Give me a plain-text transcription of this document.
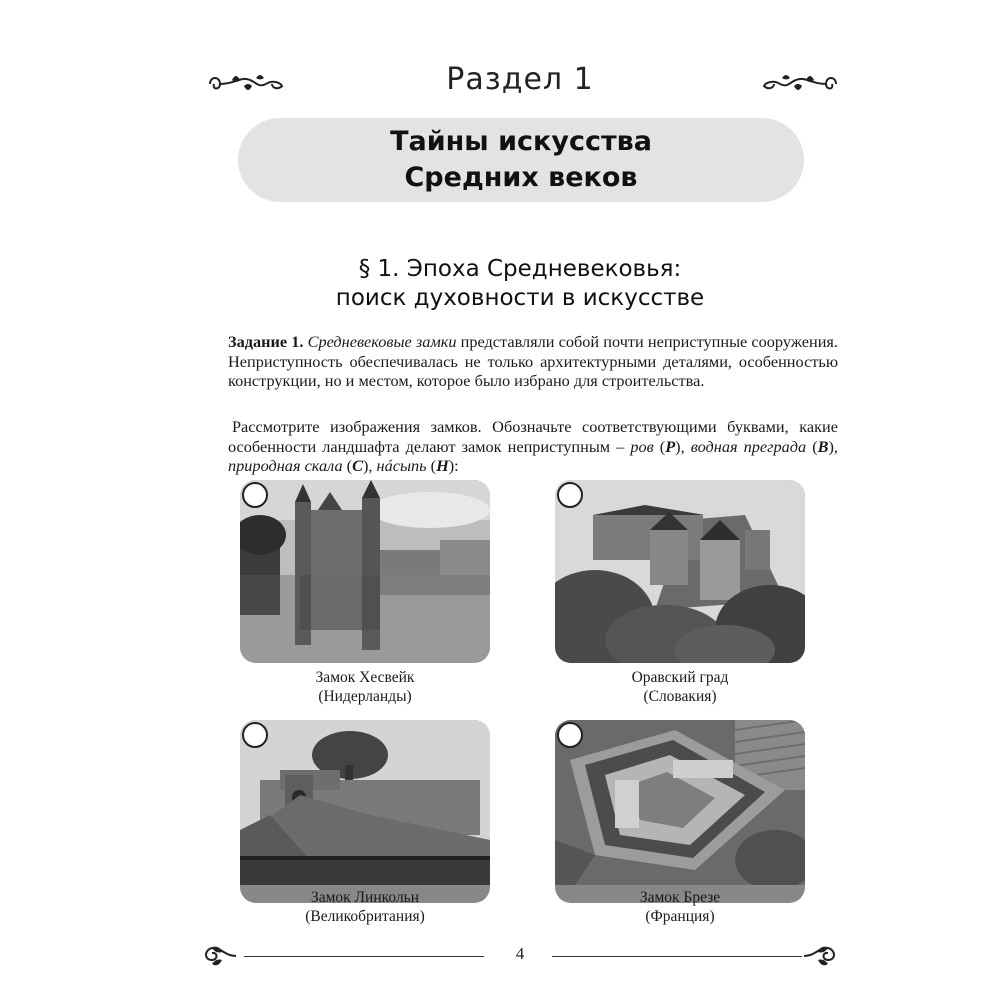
Раздел 1
Тайны искусства
Средних веков
§ 1. Эпоха Средневековья:
поиск духовности в искусстве
Задание 1. Средневековые замки представляли собой почти неприступные сооружения. Неприступность обеспечивалась не только архитектурными деталями, особенностью конструкции, но и местом, которое было избрано для строительства.
Рассмотрите изображения замков. Обозначьте соответствующими буквами, какие особенности ландшафта делают замок неприступным – ров (Р), водная преграда (В), природная скала (С), нáсыпь (Н):
Замок Хесвейк
(Нидерланды)
Оравский град
(Словакия)
Замок Линкольн
(Великобритания)
Замок Брезе
(Франция)
4
